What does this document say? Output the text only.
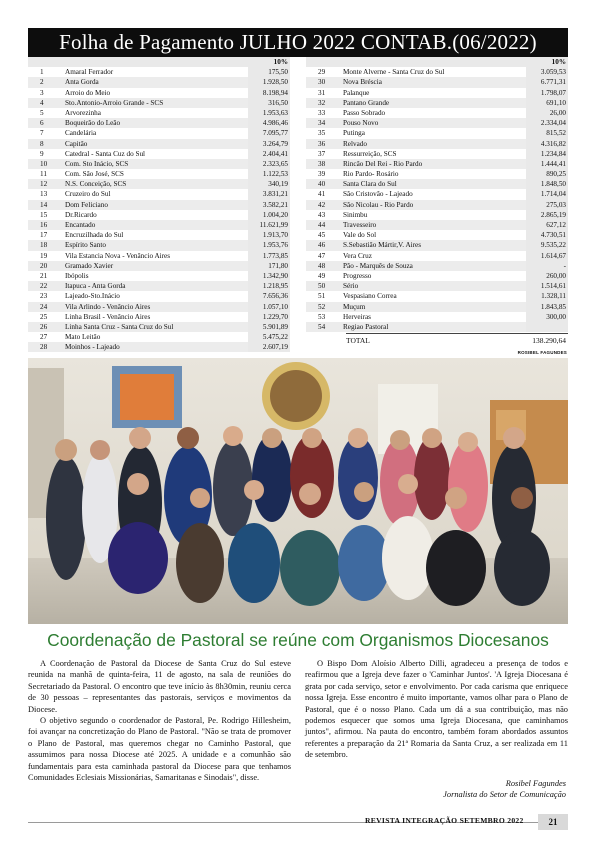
Folha de Pagamento JULHO 2022 CONTAB.(06/2022)
10%
1	Amaral Ferrador	175,50
2	Anta Gorda	1.928,50
3	Arroio do Meio	8.198,94
4	Sto.Antonio-Arroio Grande - SCS	316,50
5	Arvorezinha	1.953,63
6	Boqueirão do Leão	4.986,46
7	Candelária	7.095,77
8	Capitão	3.264,79
9	Catedral - Santa Cuz do Sul	2.404,41
10	Com. Sto Inácio, SCS	2.323,65
11	Com. São José, SCS	1.122,53
12	N.S. Conceição, SCS	340,19
13	Cruzeiro do Sul	3.831,21
14	Dom Feliciano	3.582,21
15	Dr.Ricardo	1.004,20
16	Encantado	11.621,99
17	Encruzilhada do Sul	1.913,70
18	Espírito Santo	1.953,76
19	Vila Estancia Nova - Venâncio Aires	1.773,85
20	Gramado Xavier	171,80
21	Ibópolis	1.342,90
22	Itapuca - Anta Gorda	1.218,95
23	Lajeado-Sto.Inácio	7.656,36
24	Vila Arlindo - Venâncio Aires	1.057,10
25	Linha Brasil - Venâncio Aires	1.229,70
26	Linha Santa Cruz - Santa Cruz do Sul	5.901,89
27	Mato Leitão	5.475,22
28	Moinhos - Lajeado	2.607,19
10%
29	Monte Alverne - Santa Cruz do Sul	3.059,53
30	Nova Bréscia	6.771,31
31	Palanque	1.798,07
32	Pantano Grande	691,10
33	Passo Sobrado	26,00
34	Pouso Novo	2.334,04
35	Putinga	815,52
36	Relvado	4.316,82
37	Ressurreição, SCS	1.234,84
38	Rincão Del Rei - Rio Pardo	1.444,41
39	Rio Pardo- Rosário	890,25
40	Santa Clara do Sul	1.848,50
41	São Cristovão - Lajeado	1.714,04
42	São Nicolau - Rio Pardo	275,03
43	Sinimbu	2.865,19
44	Travesseiro	627,12
45	Vale do Sol	4.730,51
46	S.Sebastião Mártir,V. Aires	9.535,22
47	Vera Cruz	1.614,67
48	Pão - Marquês de Souza	-
49	Progresso	260,00
50	Sério	1.514,61
51	Vespasiano Correa	1.328,11
52	Muçum	1.843,85
53	Herveiras	300,00
54	Regiao Pastoral
TOTAL	138.290,64
ROSIBEL FAGUNDES
Coordenação de Pastoral se reúne com Organismos Diocesanos

A Coordenação de Pastoral da Diocese de Santa Cruz do Sul esteve reunida na manhã de quinta-feira, 11 de agosto, na sala de reuniões do Secretariado da Pastoral. O encontro que teve início às 8h30min, reuniu cerca de 30 pessoas – representantes das pastorais, serviços e movimentos da Diocese.

O objetivo segundo o coordenador de Pastoral, Pe. Rodrigo Hillesheim, foi avançar na concretização do Plano de Pastoral. "Não se trata de promover o Plano de Pastoral, mas queremos chegar no Caminho Pastoral, que assumimos para nossa Diocese até 2025. A unidade e a comunhão são fundamentais para esta caminhada pastoral da Diocese para que tenhamos Comunidades Eclesiais Missionárias, Samaritanas e Sinodais", disse.

O Bispo Dom Aloísio Alberto Dilli, agradeceu a presença de todos e reafirmou que a Igreja deve fazer o 'Caminhar Juntos'. 'A Igreja Diocesana é grata por cada serviço, setor e envolvimento. Por cada carisma que enriquece nossa Igreja. Esse encontro é muito importante, vamos olhar para o Plano de Pastoral, que é o nosso Plano. Cada um dá a sua contribuição, mas não podemos esquecer que somos uma Igreja Diocesana, que caminhamos juntos", afirmou. Na pauta do encontro, também foram abordados assuntos referentes a preparação da 21ª Romaria da Santa Cruz, a ser realizada em 11 de setembro.

Rosibel Fagundes
Jornalista do Setor de Comunicação
REVISTA INTEGRAÇÃO SETEMBRO 2022	21
